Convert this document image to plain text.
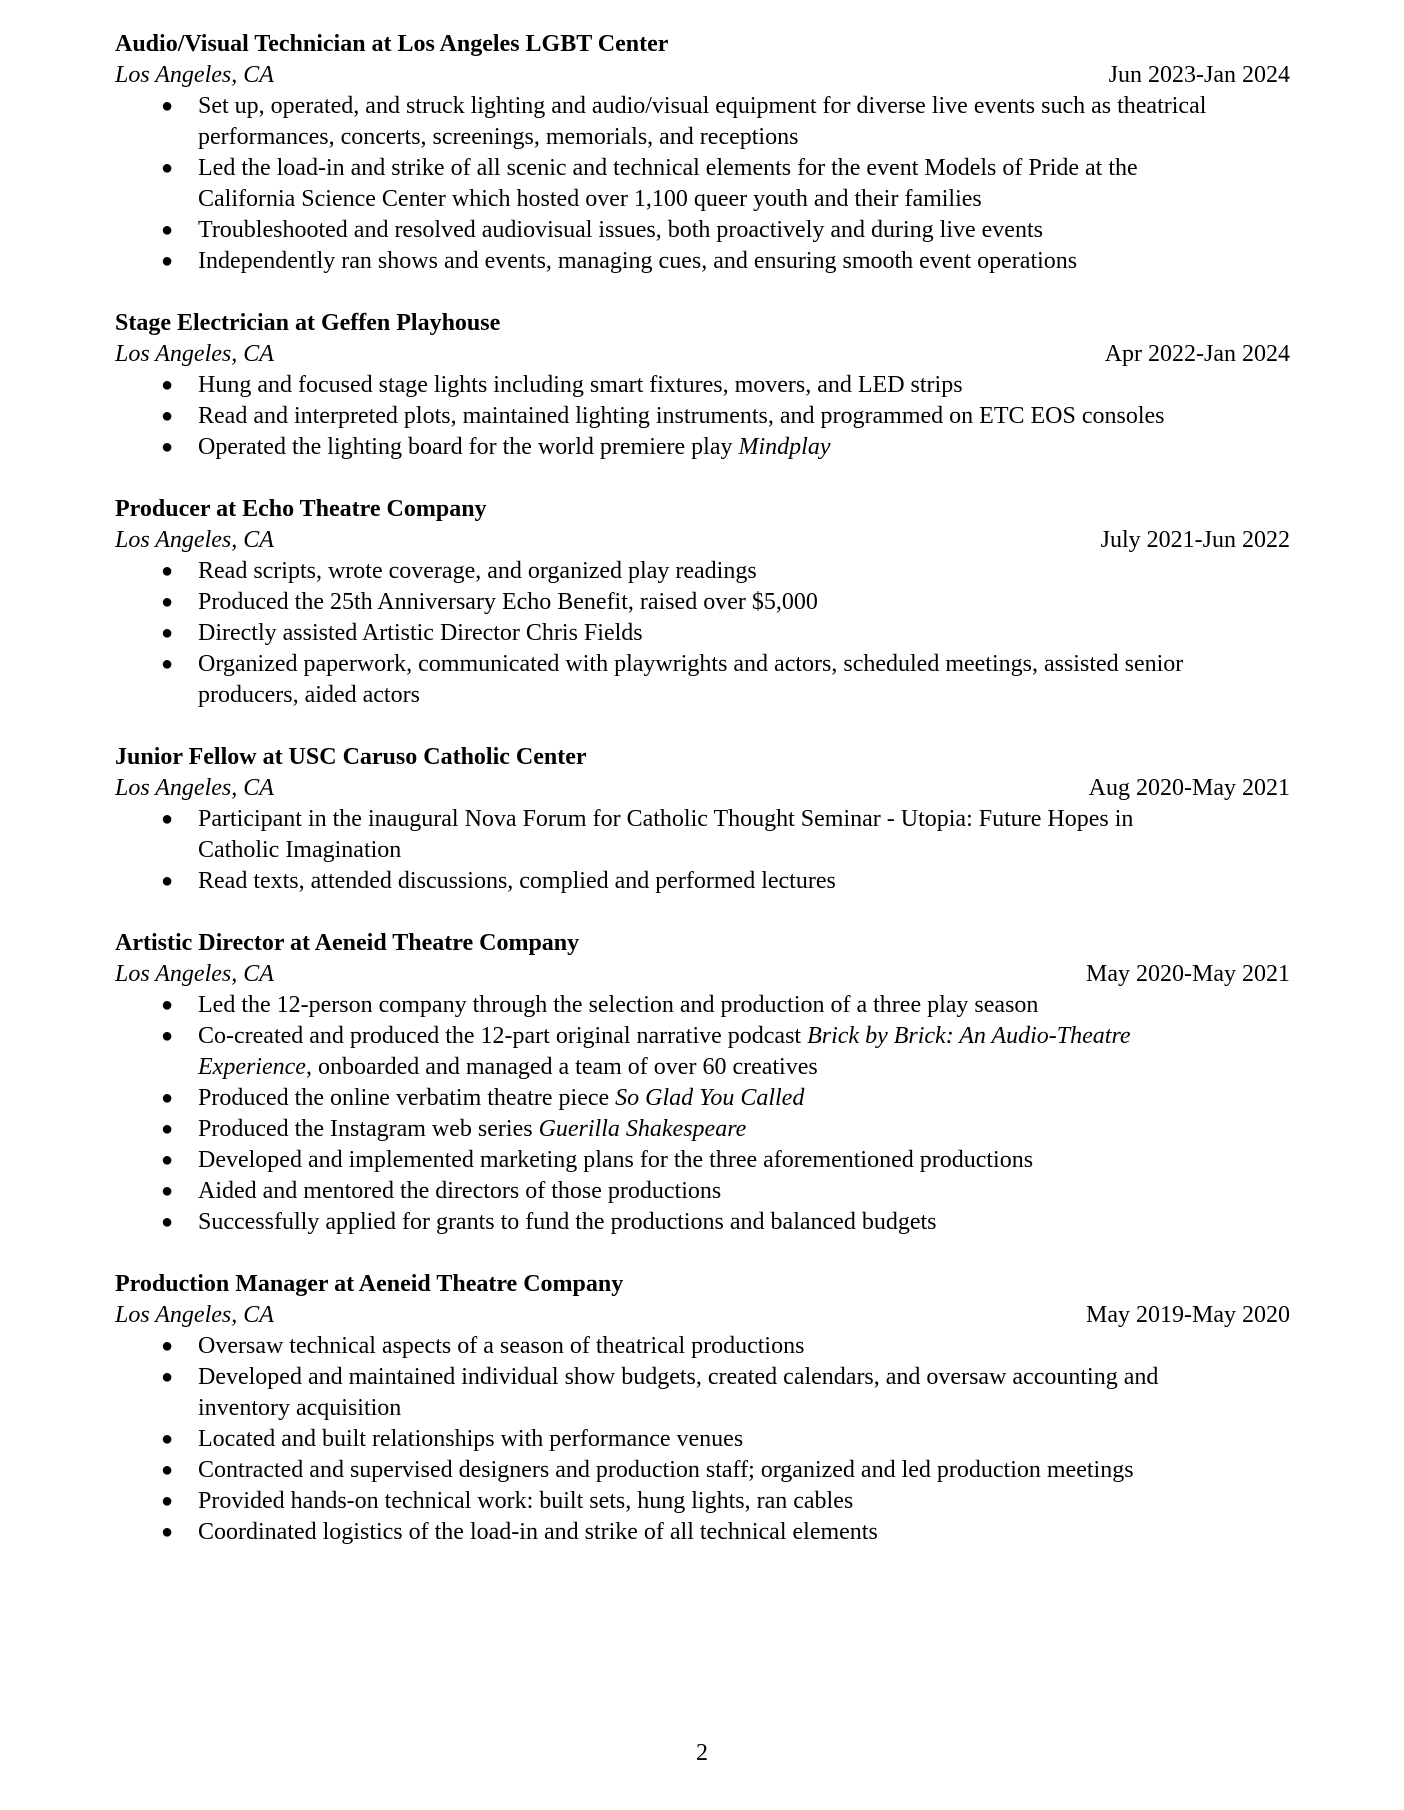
Audio/Visual Technician at Los Angeles LGBT Center
Los Angeles, CA	Jun 2023-Jan 2024
● Set up, operated, and struck lighting and audio/visual equipment for diverse live events such as theatrical performances, concerts, screenings, memorials, and receptions
● Led the load-in and strike of all scenic and technical elements for the event Models of Pride at the California Science Center which hosted over 1,100 queer youth and their families
● Troubleshooted and resolved audiovisual issues, both proactively and during live events
● Independently ran shows and events, managing cues, and ensuring smooth event operations
Stage Electrician at Geffen Playhouse
Los Angeles, CA	Apr 2022-Jan 2024
● Hung and focused stage lights including smart fixtures, movers, and LED strips
● Read and interpreted plots, maintained lighting instruments, and programmed on ETC EOS consoles
● Operated the lighting board for the world premiere play Mindplay
Producer at Echo Theatre Company
Los Angeles, CA	July 2021-Jun 2022
● Read scripts, wrote coverage, and organized play readings
● Produced the 25th Anniversary Echo Benefit, raised over $5,000
● Directly assisted Artistic Director Chris Fields
● Organized paperwork, communicated with playwrights and actors, scheduled meetings, assisted senior producers, aided actors
Junior Fellow at USC Caruso Catholic Center
Los Angeles, CA	Aug 2020-May 2021
● Participant in the inaugural Nova Forum for Catholic Thought Seminar - Utopia: Future Hopes in Catholic Imagination
● Read texts, attended discussions, complied and performed lectures
Artistic Director at Aeneid Theatre Company
Los Angeles, CA	May 2020-May 2021
● Led the 12-person company through the selection and production of a three play season
● Co-created and produced the 12-part original narrative podcast Brick by Brick: An Audio-Theatre Experience, onboarded and managed a team of over 60 creatives
● Produced the online verbatim theatre piece So Glad You Called
● Produced the Instagram web series Guerilla Shakespeare
● Developed and implemented marketing plans for the three aforementioned productions
● Aided and mentored the directors of those productions
● Successfully applied for grants to fund the productions and balanced budgets
Production Manager at Aeneid Theatre Company
Los Angeles, CA	May 2019-May 2020
● Oversaw technical aspects of a season of theatrical productions
● Developed and maintained individual show budgets, created calendars, and oversaw accounting and inventory acquisition
● Located and built relationships with performance venues
● Contracted and supervised designers and production staff; organized and led production meetings
● Provided hands-on technical work: built sets, hung lights, ran cables
● Coordinated logistics of the load-in and strike of all technical elements
2
